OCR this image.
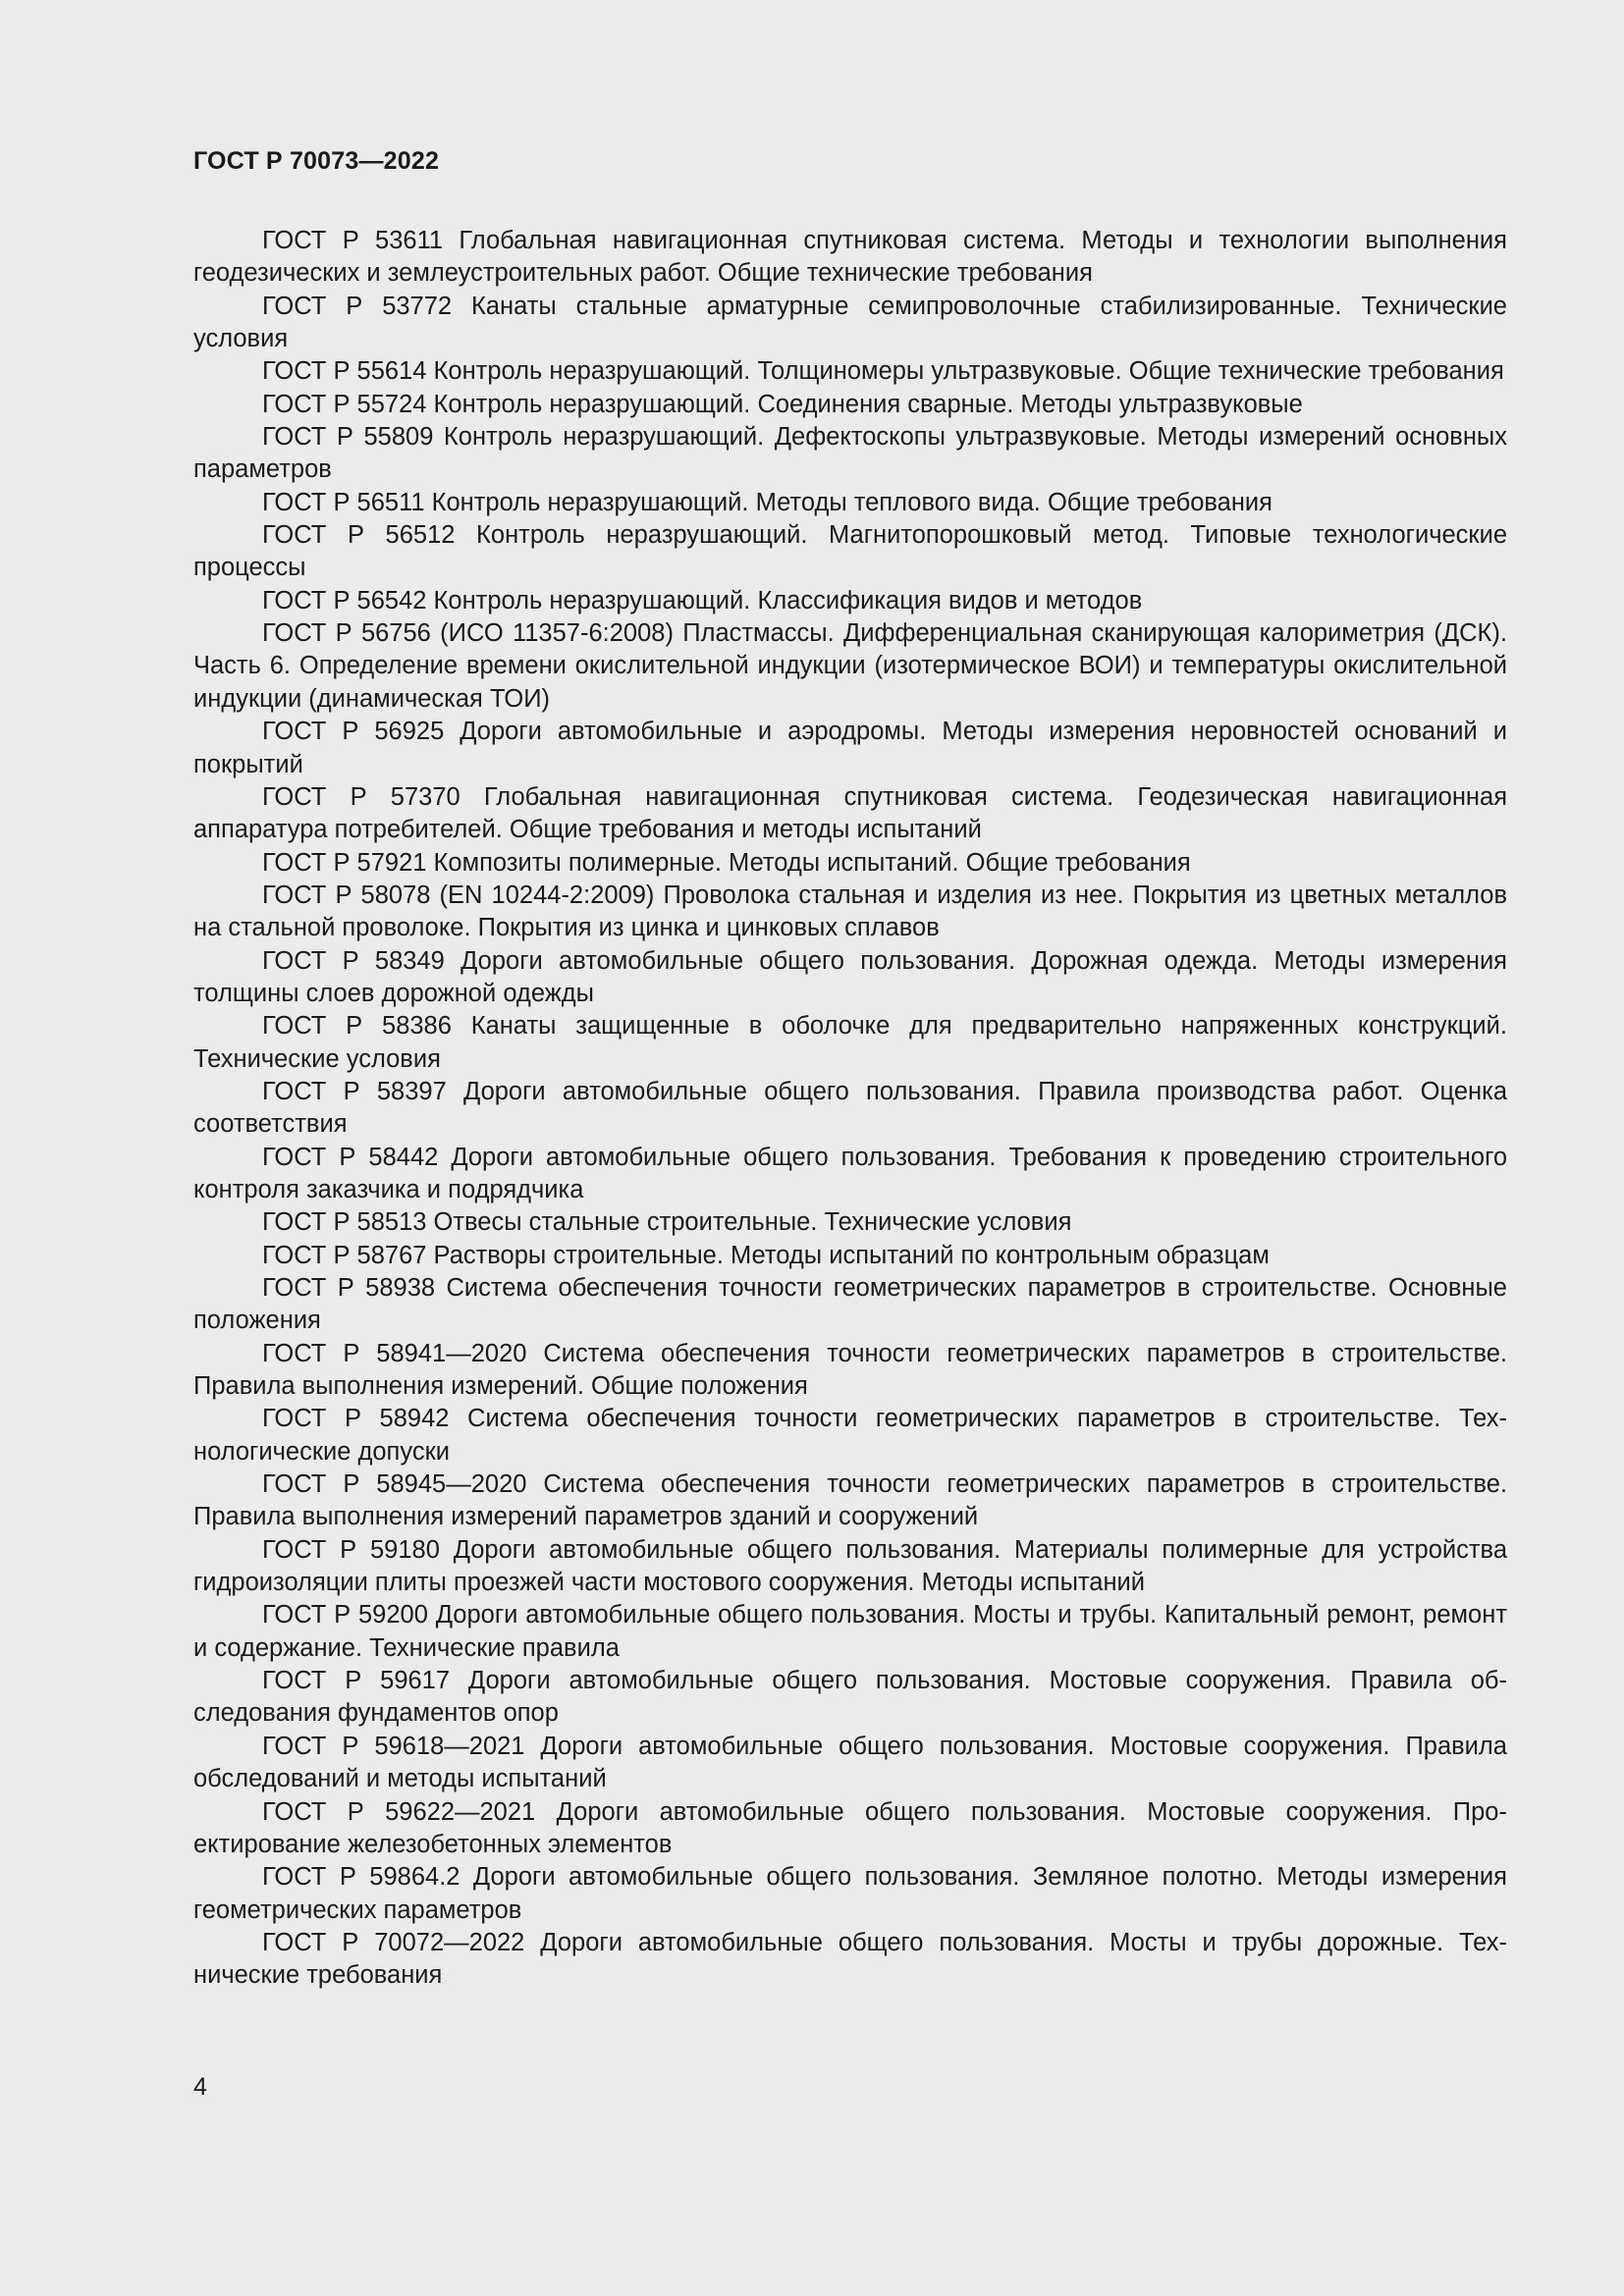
ГОСТ Р 70073—2022
ГОСТ Р 53611 Глобальная навигационная спутниковая система. Методы и технологии выполнения геодезических и землеустроительных работ. Общие технические требования
ГОСТ Р 53772 Канаты стальные арматурные семипроволочные стабилизированные. Технические условия
ГОСТ Р 55614 Контроль неразрушающий. Толщиномеры ультразвуковые. Общие технические требования
ГОСТ Р 55724 Контроль неразрушающий. Соединения сварные. Методы ультразвуковые
ГОСТ Р 55809 Контроль неразрушающий. Дефектоскопы ультразвуковые. Методы измерений основных параметров
ГОСТ Р 56511 Контроль неразрушающий. Методы теплового вида. Общие требования
ГОСТ Р 56512 Контроль неразрушающий. Магнитопорошковый метод. Типовые технологические процессы
ГОСТ Р 56542 Контроль неразрушающий. Классификация видов и методов
ГОСТ Р 56756 (ИСО 11357-6:2008) Пластмассы. Дифференциальная сканирующая калориметрия (ДСК). Часть 6. Определение времени окислительной индукции (изотермическое ВОИ) и температуры окислительной индукции (динамическая ТОИ)
ГОСТ Р 56925 Дороги автомобильные и аэродромы. Методы измерения неровностей оснований и покрытий
ГОСТ Р 57370 Глобальная навигационная спутниковая система. Геодезическая навигационная аппаратура потребителей. Общие требования и методы испытаний
ГОСТ Р 57921 Композиты полимерные. Методы испытаний. Общие требования
ГОСТ Р 58078 (EN 10244-2:2009) Проволока стальная и изделия из нее. Покрытия из цветных металлов на стальной проволоке. Покрытия из цинка и цинковых сплавов
ГОСТ Р 58349 Дороги автомобильные общего пользования. Дорожная одежда. Методы измерения толщины слоев дорожной одежды
ГОСТ Р 58386 Канаты защищенные в оболочке для предварительно напряженных конструкций. Технические условия
ГОСТ Р 58397 Дороги автомобильные общего пользования. Правила производства работ. Оценка соответствия
ГОСТ Р 58442 Дороги автомобильные общего пользования. Требования к проведению строительного контроля заказчика и подрядчика
ГОСТ Р 58513 Отвесы стальные строительные. Технические условия
ГОСТ Р 58767 Растворы строительные. Методы испытаний по контрольным образцам
ГОСТ Р 58938 Система обеспечения точности геометрических параметров в строительстве. Основные положения
ГОСТ Р 58941—2020 Система обеспечения точности геометрических параметров в строительстве. Правила выполнения измерений. Общие положения
ГОСТ Р 58942 Система обеспечения точности геометрических параметров в строительстве. Технологические допуски
ГОСТ Р 58945—2020 Система обеспечения точности геометрических параметров в строительстве. Правила выполнения измерений параметров зданий и сооружений
ГОСТ Р 59180 Дороги автомобильные общего пользования. Материалы полимерные для устройства гидроизоляции плиты проезжей части мостового сооружения. Методы испытаний
ГОСТ Р 59200 Дороги автомобильные общего пользования. Мосты и трубы. Капитальный ремонт, ремонт и содержание. Технические правила
ГОСТ Р 59617 Дороги автомобильные общего пользования. Мостовые сооружения. Правила обследования фундаментов опор
ГОСТ Р 59618—2021 Дороги автомобильные общего пользования. Мостовые сооружения. Правила обследований и методы испытаний
ГОСТ Р 59622—2021 Дороги автомобильные общего пользования. Мостовые сооружения. Проектирование железобетонных элементов
ГОСТ Р 59864.2 Дороги автомобильные общего пользования. Земляное полотно. Методы измерения геометрических параметров
ГОСТ Р 70072—2022 Дороги автомобильные общего пользования. Мосты и трубы дорожные. Технические требования

4
